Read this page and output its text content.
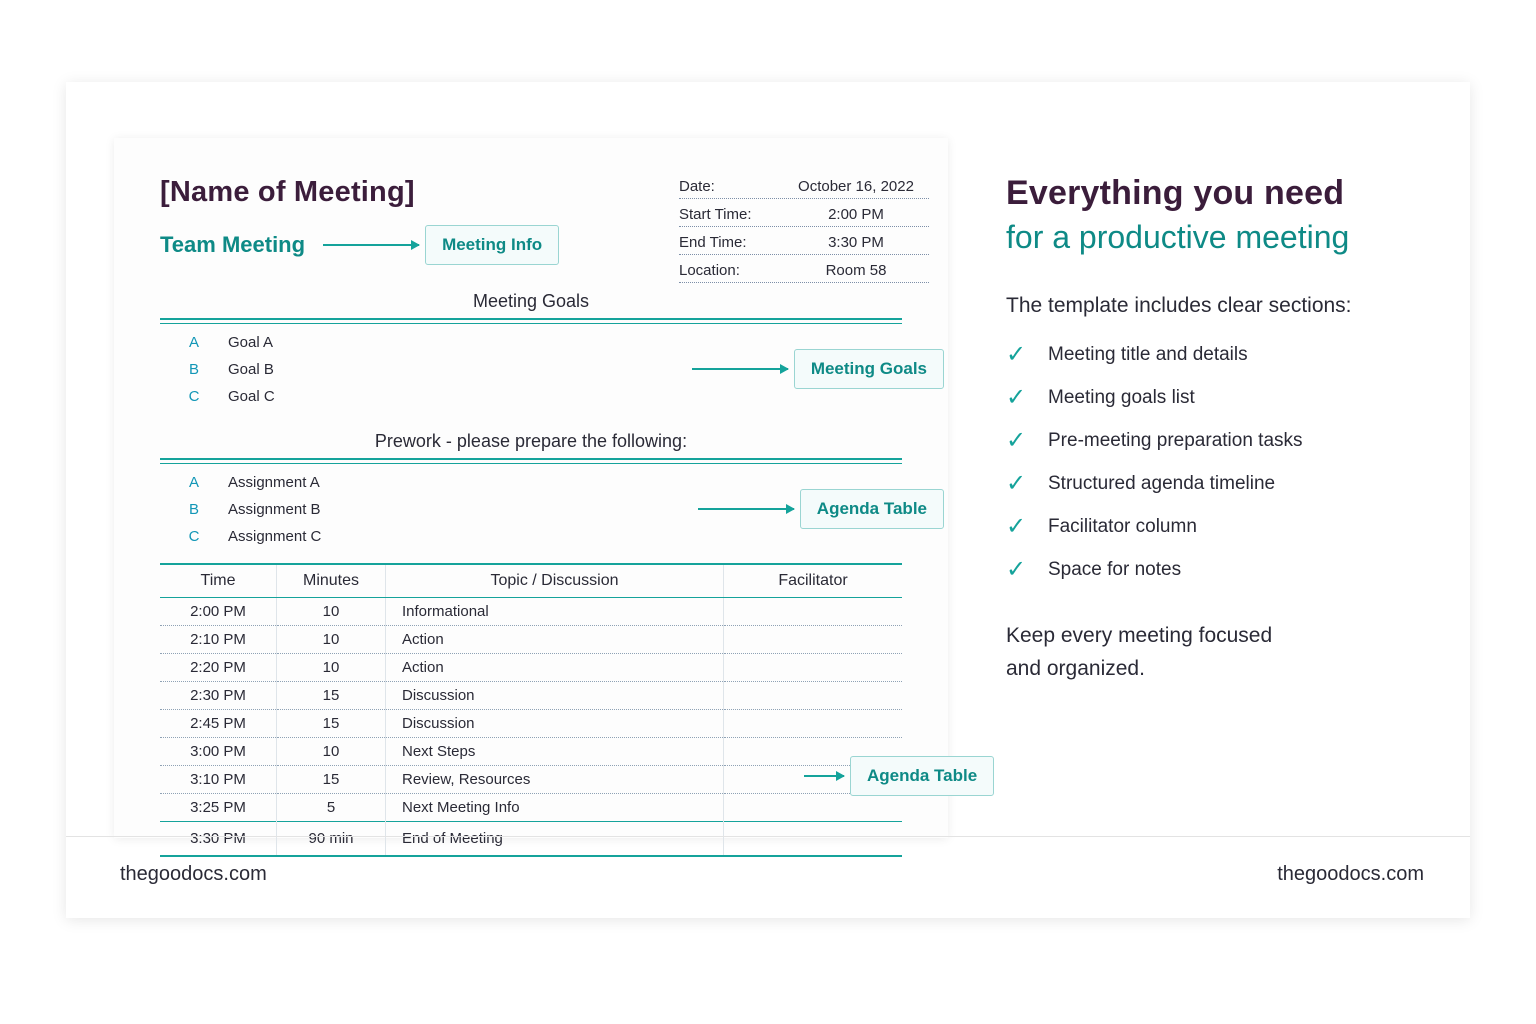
[Name of Meeting]
Team Meeting	Meeting Info
Date:	October 16, 2022
Start Time:	2:00 PM
End Time:	3:30 PM
Location:	Room 58
Meeting Goals
A	Goal A
B	Goal B	Meeting Goals
C	Goal C
Prework - please prepare the following:
A	Assignment A
B	Assignment B	Agenda Table
C	Assignment C
Time	Minutes	Topic / Discussion	Facilitator
2:00 PM	10	Informational	
2:10 PM	10	Action	
2:20 PM	10	Action	
2:30 PM	15	Discussion	
2:45 PM	15	Discussion	
3:00 PM	10	Next Steps	
3:10 PM	15	Review, Resources	
3:25 PM	5	Next Meeting Info	
3:30 PM	90 min	End of Meeting	
Agenda Table
Everything you need
for a productive meeting
The template includes clear sections:
✓	Meeting title and details
✓	Meeting goals list
✓	Pre-meeting preparation tasks
✓	Structured agenda timeline
✓	Facilitator column
✓	Space for notes
Keep every meeting focused
and organized.
thegoodocs.com	thegoodocs.com
